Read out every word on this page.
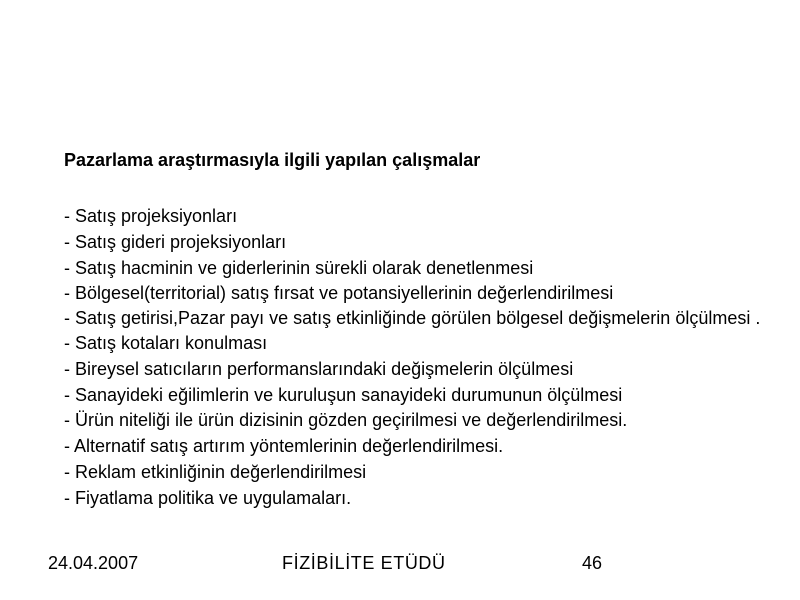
Pazarlama araştırmasıyla ilgili yapılan çalışmalar
- Satış projeksiyonları
- Satış gideri projeksiyonları
- Satış hacminin ve giderlerinin sürekli olarak denetlenmesi
- Bölgesel(territorial) satış fırsat ve potansiyellerinin değerlendirilmesi
- Satış getirisi,Pazar payı ve satış etkinliğinde görülen bölgesel değişmelerin ölçülmesi .
- Satış kotaları konulması
- Bireysel satıcıların performanslarındaki değişmelerin ölçülmesi
- Sanayideki eğilimlerin ve kuruluşun sanayideki durumunun ölçülmesi
- Ürün niteliği ile ürün dizisinin gözden geçirilmesi ve değerlendirilmesi.
- Alternatif satış artırım yöntemlerinin değerlendirilmesi.
- Reklam etkinliğinin değerlendirilmesi
- Fiyatlama politika ve uygulamaları.
24.04.2007	FİZİBİLİTE ETÜDÜ	46
